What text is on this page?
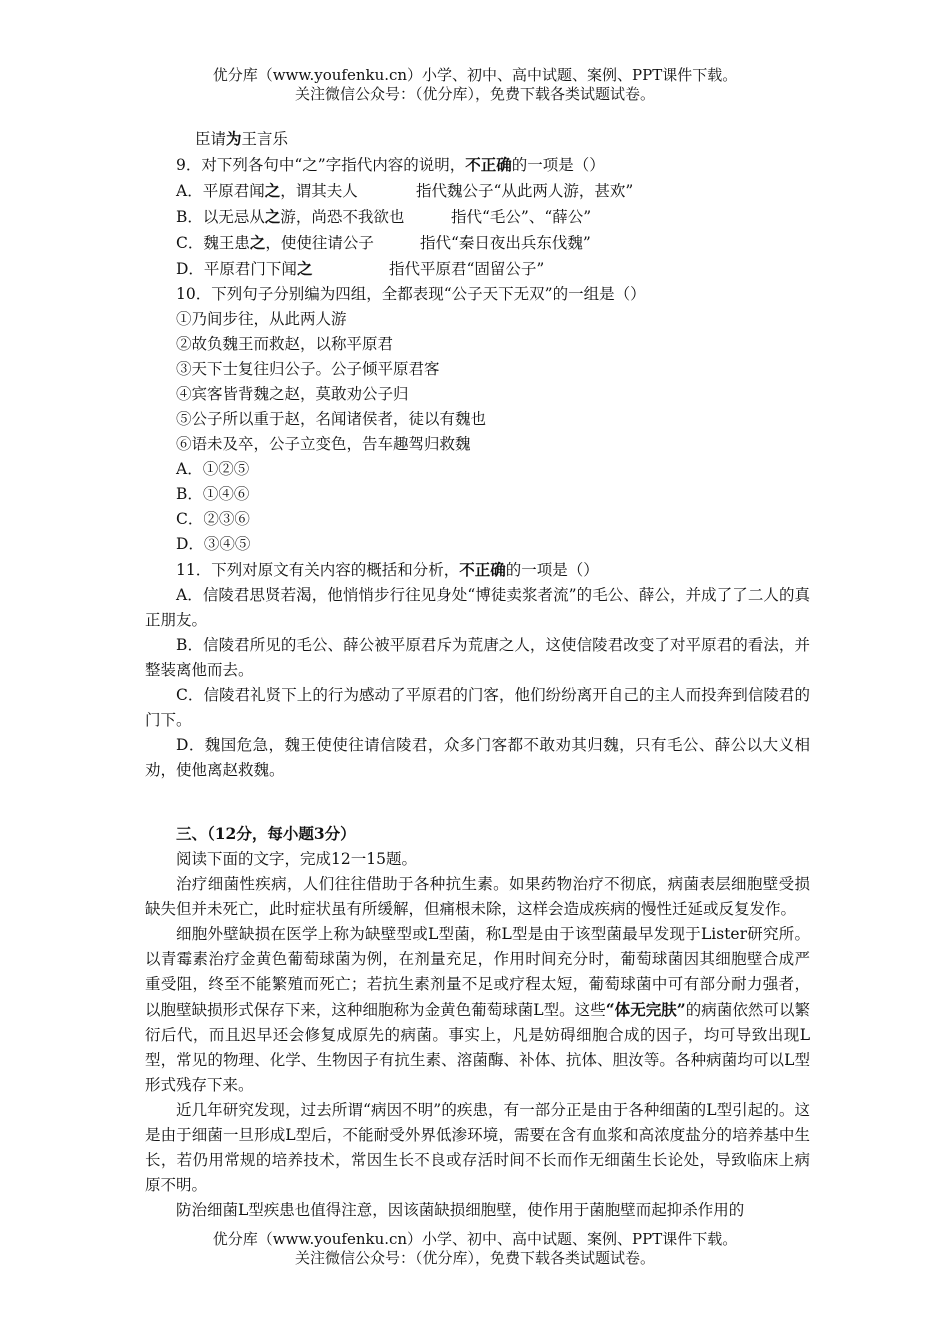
优分库（www.youfenku.cn）小学、初中、高中试题、案例、PPT课件下载。
关注微信公众号：（优分库），免费下载各类试题试卷。
臣请为王言乐
9．对下列各句中“之”字指代内容的说明，不正确的一项是（）
A．平原君闻之，谓其夫人	指代魏公子“从此两人游，甚欢”
B．以无忌从之游，尚恐不我欲也	指代“毛公”、“薛公”
C．魏王患之，使使往请公子	指代“秦日夜出兵东伐魏”
D．平原君门下闻之	指代平原君“固留公子”
10．下列句子分别编为四组，全都表现“公子天下无双”的一组是（）
①乃间步往，从此两人游
②故负魏王而救赵，以称平原君
③天下士复往归公子。公子倾平原君客
④宾客皆背魏之赵，莫敢劝公子归
⑤公子所以重于赵，名闻诸侯者，徒以有魏也
⑥语未及卒，公子立变色，告车趣驾归救魏
A．①②⑤
B．①④⑥
C．②③⑥
D．③④⑤
11．下列对原文有关内容的概括和分析，不正确的一项是（）
A．信陵君思贤若渴，他悄悄步行往见身处“博徒卖浆者流”的毛公、薛公，并成了了二人的真正朋友。
B．信陵君所见的毛公、薛公被平原君斥为荒唐之人，这使信陵君改变了对平原君的看法，并整装离他而去。
C．信陵君礼贤下上的行为感动了平原君的门客，他们纷纷离开自己的主人而投奔到信陵君的门下。
D．魏国危急，魏王使使往请信陵君，众多门客都不敢劝其归魏，只有毛公、薛公以大义相劝，使他离赵救魏。
三、（12分，每小题3分）
阅读下面的文字，完成12一15题。
治疗细菌性疾病，人们往往借助于各种抗生素。如果药物治疗不彻底，病菌表层细胞壁受损缺失但并未死亡，此时症状虽有所缓解，但痛根未除，这样会造成疾病的慢性迁延或反复发作。
细胞外壁缺损在医学上称为缺壁型或L型菌，称L型是由于该型菌最早发现于Lister研究所。以青霉素治疗金黄色葡萄球菌为例，在剂量充足，作用时间充分时，葡萄球菌因其细胞壁合成严重受阻，终至不能繁殖而死亡；若抗生素剂量不足或疗程太短，葡萄球菌中可有部分耐力强者，以胞壁缺损形式保存下来，这种细胞称为金黄色葡萄球菌L型。这些“体无完肤”的病菌依然可以繁衍后代，而且迟早还会修复成原先的病菌。事实上，凡是妨碍细胞合成的因子，均可导致出现L型，常见的物理、化学、生物因子有抗生素、溶菌酶、补体、抗体、胆汝等。各种病菌均可以L型形式残存下来。
近几年研究发现，过去所谓“病因不明”的疾患，有一部分正是由于各种细菌的L型引起的。这是由于细菌一旦形成L型后，不能耐受外界低渗环境，需要在含有血浆和高浓度盐分的培养基中生长，若仍用常规的培养技术，常因生长不良或存活时间不长而作无细菌生长论处，导致临床上病原不明。
防治细菌L型疾患也值得注意，因该菌缺损细胞壁，使作用于菌胞壁而起抑杀作用的
优分库（www.youfenku.cn）小学、初中、高中试题、案例、PPT课件下载。
关注微信公众号：（优分库），免费下载各类试题试卷。
